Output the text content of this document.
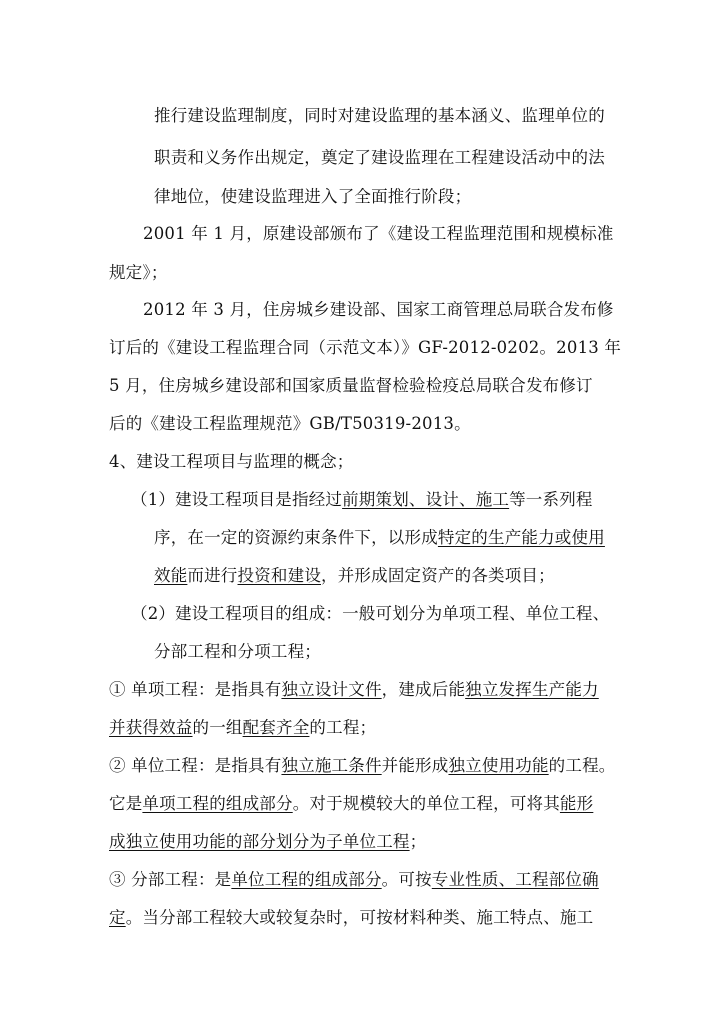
推行建设监理制度，同时对建设监理的基本涵义、监理单位的
职责和义务作出规定，奠定了建设监理在工程建设活动中的法
律地位，使建设监理进入了全面推行阶段；
2001 年 1 月，原建设部颁布了《建设工程监理范围和规模标准
规定》；
2012 年 3 月，住房城乡建设部、国家工商管理总局联合发布修
订后的《建设工程监理合同（示范文本）》GF-2012-0202。2013 年
5 月，住房城乡建设部和国家质量监督检验检疫总局联合发布修订
后的《建设工程监理规范》GB/T50319-2013。
4、建设工程项目与监理的概念；
（1）建设工程项目是指经过前期策划、设计、施工等一系列程
序，在一定的资源约束条件下，以形成特定的生产能力或使用
效能而进行投资和建设，并形成固定资产的各类项目；
（2）建设工程项目的组成：一般可划分为单项工程、单位工程、
分部工程和分项工程；
① 单项工程：是指具有独立设计文件，建成后能独立发挥生产能力
并获得效益的一组配套齐全的工程；
② 单位工程：是指具有独立施工条件并能形成独立使用功能的工程。
它是单项工程的组成部分。对于规模较大的单位工程，可将其能形
成独立使用功能的部分划分为子单位工程；
③ 分部工程：是单位工程的组成部分。可按专业性质、工程部位确
定。当分部工程较大或较复杂时，可按材料种类、施工特点、施工
